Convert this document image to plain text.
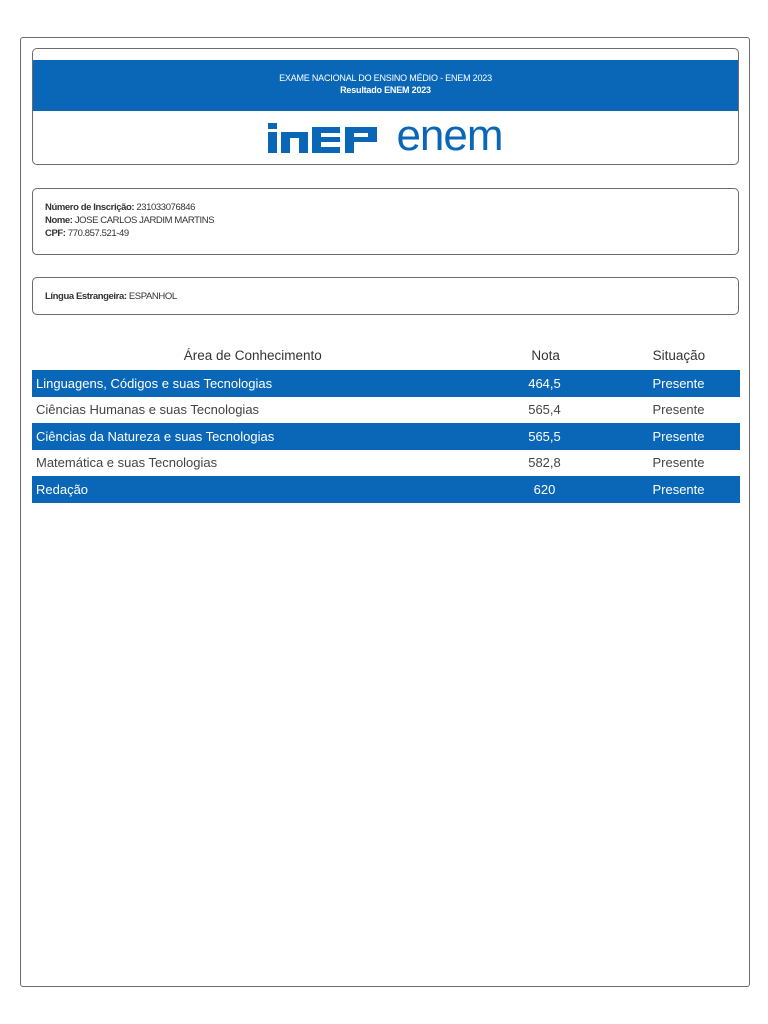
EXAME NACIONAL DO ENSINO MÉDIO - ENEM 2023
Resultado ENEM 2023
enem
Número de Inscrição: 231033076846
Nome: JOSE CARLOS JARDIM MARTINS
CPF: 770.857.521-49
Língua Estrangeira: ESPANHOL
Área de Conhecimento	Nota	Situação
Linguagens, Códigos e suas Tecnologias	464,5	Presente
Ciências Humanas e suas Tecnologias	565,4	Presente
Ciências da Natureza e suas Tecnologias	565,5	Presente
Matemática e suas Tecnologias	582,8	Presente
Redação	620	Presente
